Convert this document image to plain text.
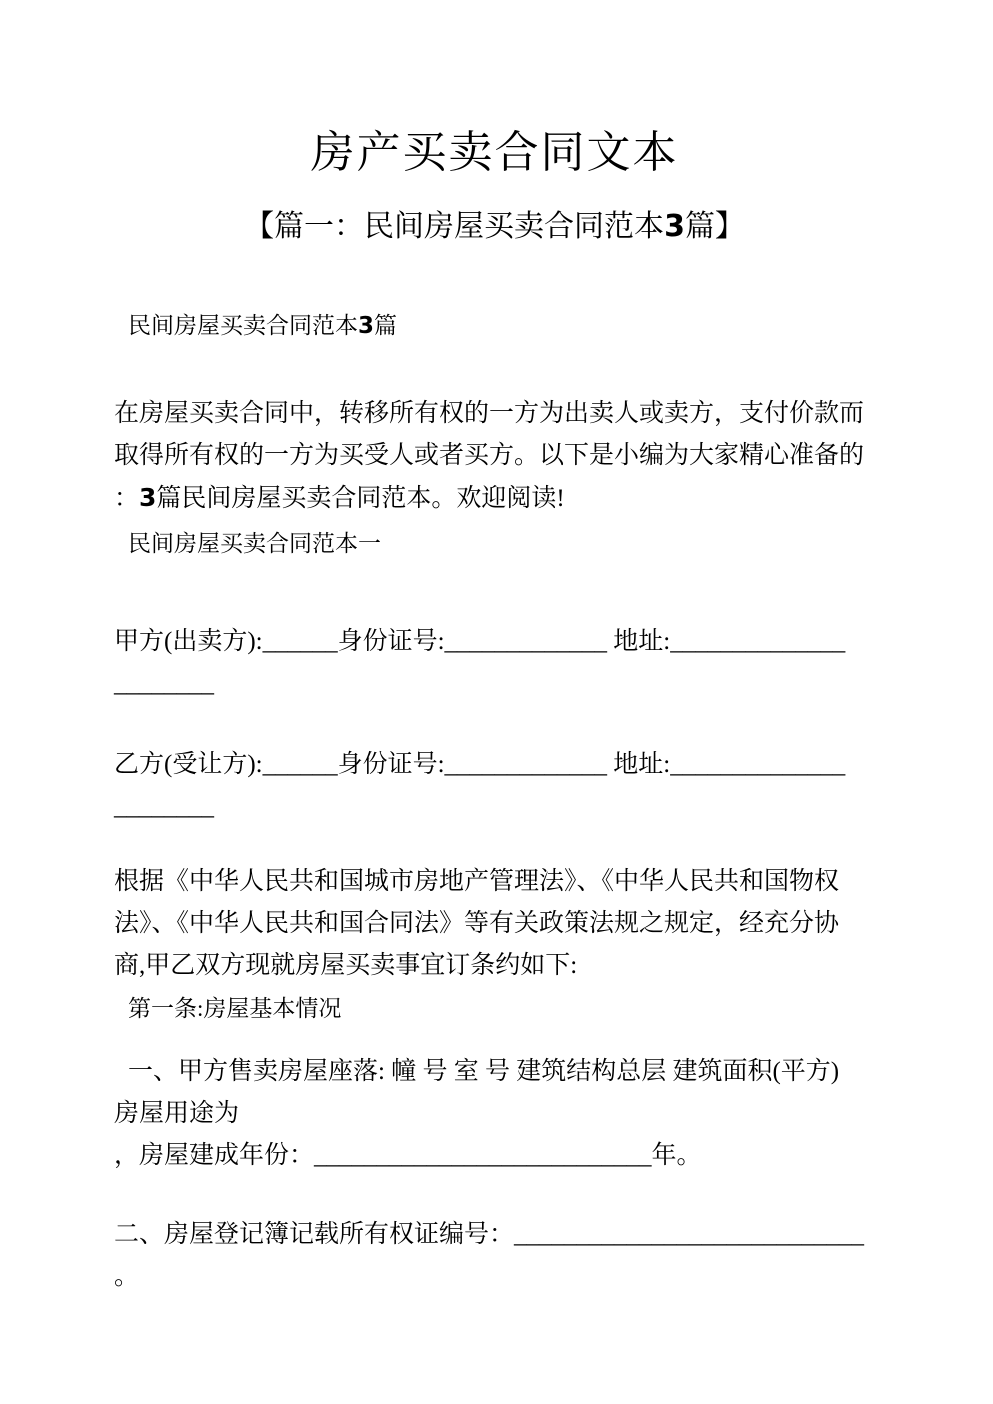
房产买卖合同文本
【篇一：民间房屋买卖合同范本3篇】
民间房屋买卖合同范本3篇
在房屋买卖合同中，转移所有权的一方为出卖人或卖方，支付价款而
取得所有权的一方为买受人或者买方。以下是小编为大家精心准备的
：3篇民间房屋买卖合同范本。欢迎阅读!
民间房屋买卖合同范本一
甲方(出卖方):______身份证号:_____________ 地址:______________
________
乙方(受让方):______身份证号:_____________ 地址:______________
________
根据《中华人民共和国城市房地产管理法》、《中华人民共和国物权
法》、《中华人民共和国合同法》等有关政策法规之规定，经充分协
商,甲乙双方现就房屋买卖事宜订条约如下:
第一条:房屋基本情况
一、甲方售卖房屋座落: 幢 号 室 号 建筑结构总层 建筑面积(平方)
房屋用途为
，房屋建成年份：___________________________年。
二、房屋登记簿记载所有权证编号：____________________________
。
